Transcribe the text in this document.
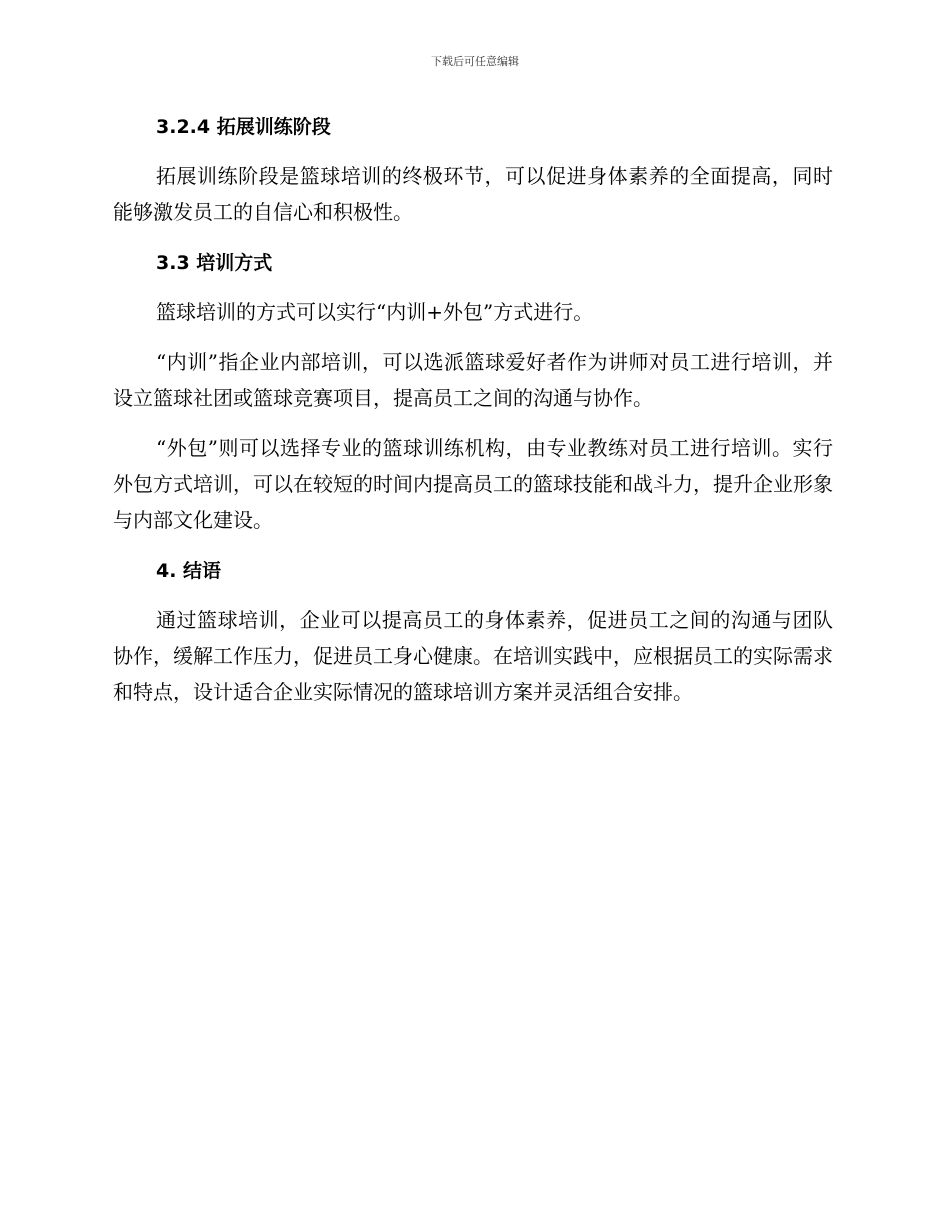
下载后可任意编辑
3.2.4 拓展训练阶段

拓展训练阶段是篮球培训的终极环节，可以促进身体素养的全面提高，同时能够激发员工的自信心和积极性。

3.3 培训方式

篮球培训的方式可以实行“内训+外包”方式进行。

“内训”指企业内部培训，可以选派篮球爱好者作为讲师对员工进行培训，并设立篮球社团或篮球竞赛项目，提高员工之间的沟通与协作。

“外包”则可以选择专业的篮球训练机构，由专业教练对员工进行培训。实行外包方式培训，可以在较短的时间内提高员工的篮球技能和战斗力，提升企业形象与内部文化建设。

4. 结语

通过篮球培训，企业可以提高员工的身体素养，促进员工之间的沟通与团队协作，缓解工作压力，促进员工身心健康。在培训实践中，应根据员工的实际需求和特点，设计适合企业实际情况的篮球培训方案并灵活组合安排。
